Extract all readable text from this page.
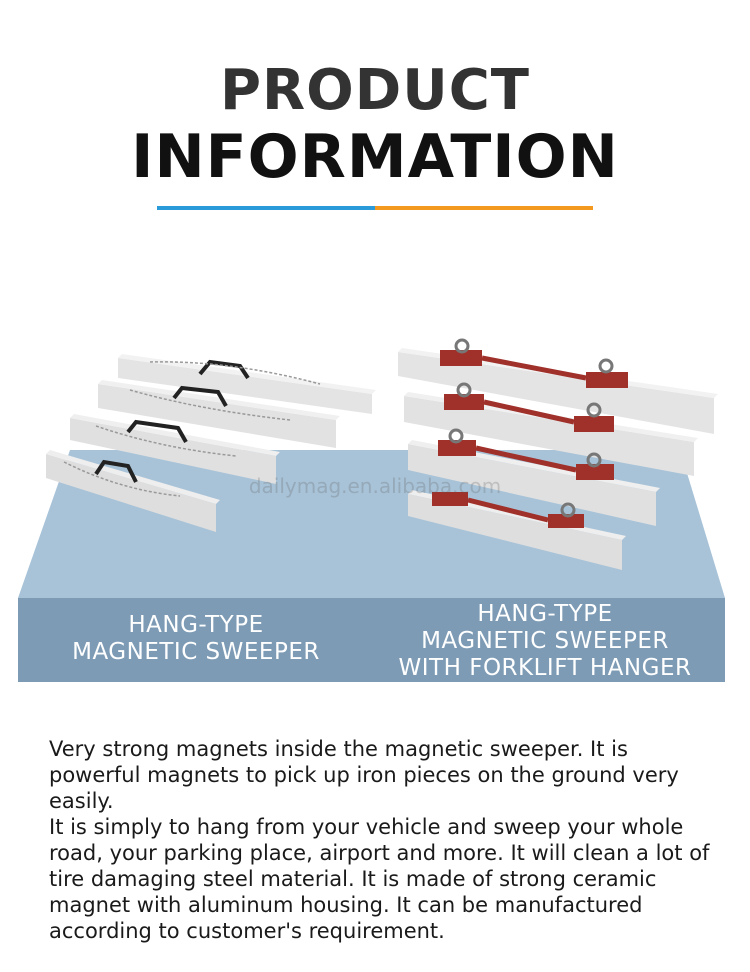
PRODUCT
INFORMATION
dailymag.en.alibaba.com
HANG-TYPE
MAGNETIC SWEEPER
HANG-TYPE
MAGNETIC SWEEPER
WITH FORKLIFT HANGER

Very strong magnets inside the magnetic sweeper. It is powerful magnets to pick up iron pieces on the ground very easily.

It is simply to hang from your vehicle and sweep your whole road, your parking place, airport and more. It will clean a lot of tire damaging steel material. It is made of strong ceramic magnet with aluminum housing. It can be manufactured according to customer's requirement.
